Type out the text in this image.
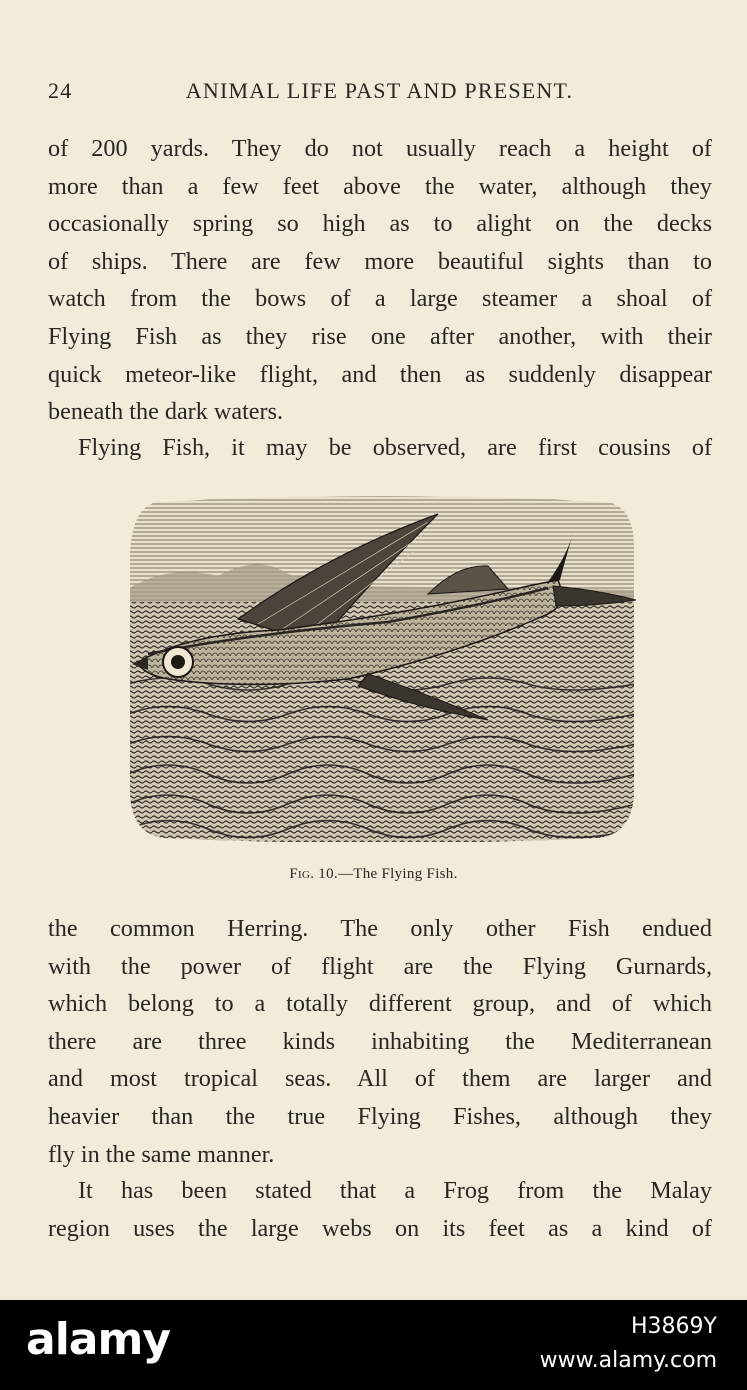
24	ANIMAL LIFE PAST AND PRESENT.

of 200 yards. They do not usually reach a height of
more than a few feet above the water, although they
occasionally spring so high as to alight on the decks
of ships. There are few more beautiful sights than to
watch from the bows of a large steamer a shoal of
Flying Fish as they rise one after another, with their
quick meteor-like flight, and then as suddenly disappear
beneath the dark waters.

Flying Fish, it may be observed, are first cousins of

Fig. 10.—The Flying Fish.

the common Herring. The only other Fish endued
with the power of flight are the Flying Gurnards,
which belong to a totally different group, and of which
there are three kinds inhabiting the Mediterranean
and most tropical seas. All of them are larger and
heavier than the true Flying Fishes, although they
fly in the same manner.

It has been stated that a Frog from the Malay
region uses the large webs on its feet as a kind of

alamy	H3869Y
www.alamy.com
